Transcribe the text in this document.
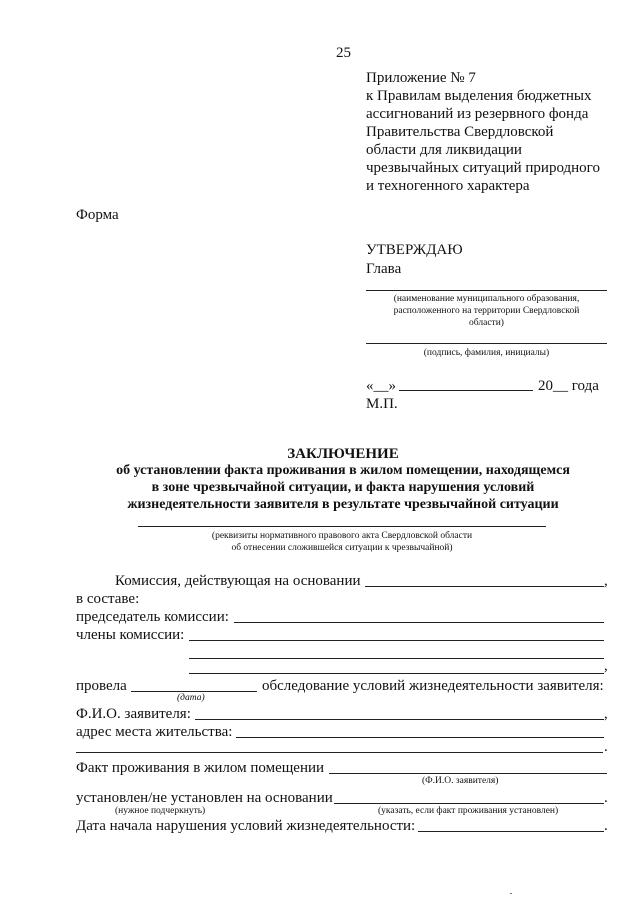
25
Приложение № 7
к Правилам выделения бюджетных
ассигнований из резервного фонда
Правительства Свердловской
области для ликвидации
чрезвычайных ситуаций природного
и техногенного характера
Форма
УТВЕРЖДАЮ
Глава
(наименование муниципального образования,
расположенного на территории Свердловской
области)
(подпись, фамилия, инициалы)
«__»	20__ года
М.П.
ЗАКЛЮЧЕНИЕ
об установлении факта проживания в жилом помещении, находящемся
в зоне чрезвычайной ситуации, и факта нарушения условий
жизнедеятельности заявителя в результате чрезвычайной ситуации
(реквизиты нормативного правового акта Свердловской области
об отнесении сложившейся ситуации к чрезвычайной)
Комиссия, действующая на основании	,
в составе:
председатель комиссии:
члены комиссии:
,
провела
(дата)
обследование условий жизнедеятельности заявителя:
Ф.И.О. заявителя:	,
адрес места жительства:
.
Факт проживания в жилом помещении
(Ф.И.О. заявителя)
установлен/не установлен на основании	.
(нужное подчеркнуть)	(указать, если факт проживания установлен)
Дата начала нарушения условий жизнедеятельности:	.
